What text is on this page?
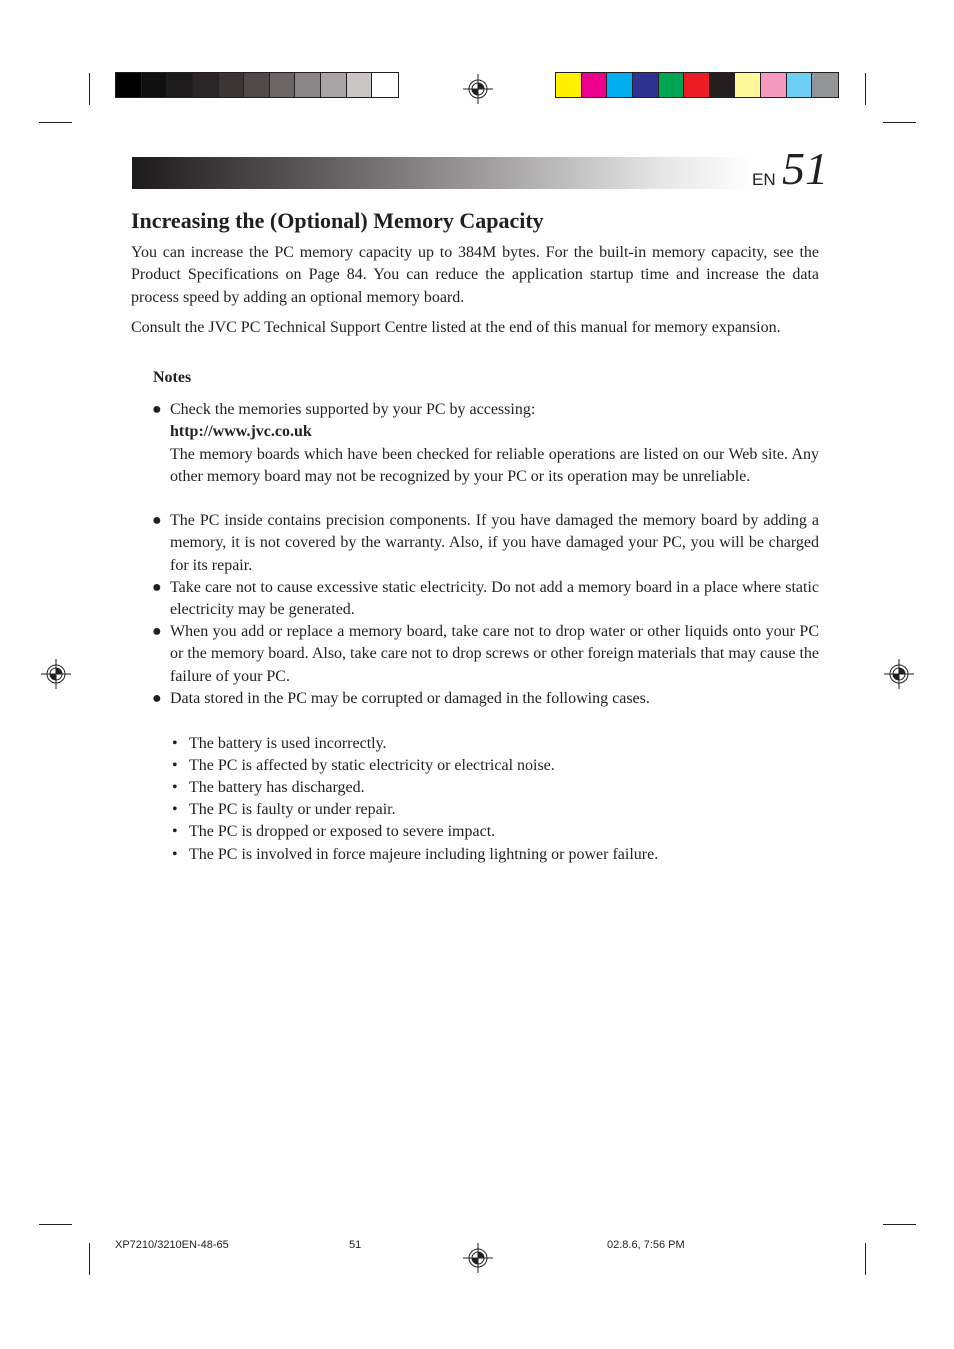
EN 51
Increasing the (Optional) Memory Capacity

You can increase the PC memory capacity up to 384M bytes. For the built-in memory capacity, see the Product Specifications on Page 84. You can reduce the application startup time and increase the data process speed by adding an optional memory board.

Consult the JVC PC Technical Support Centre listed at the end of this manual for memory expansion.

Notes

● Check the memories supported by your PC by accessing:
http://www.jvc.co.uk
The memory boards which have been checked for reliable operations are listed on our Web site. Any other memory board may not be recognized by your PC or its operation may be unreliable.
● The PC inside contains precision components. If you have damaged the memory board by adding a memory, it is not covered by the warranty. Also, if you have damaged your PC, you will be charged for its repair.
● Take care not to cause excessive static electricity. Do not add a memory board in a place where static electricity may be generated.
● When you add or replace a memory board, take care not to drop water or other liquids onto your PC or the memory board. Also, take care not to drop screws or other foreign materials that may cause the failure of your PC.
● Data stored in the PC may be corrupted or damaged in the following cases.
• The battery is used incorrectly.
• The PC is affected by static electricity or electrical noise.
• The battery has discharged.
• The PC is faulty or under repair.
• The PC is dropped or exposed to severe impact.
• The PC is involved in force majeure including lightning or power failure.
XP7210/3210EN-48-65	51	02.8.6, 7:56 PM
